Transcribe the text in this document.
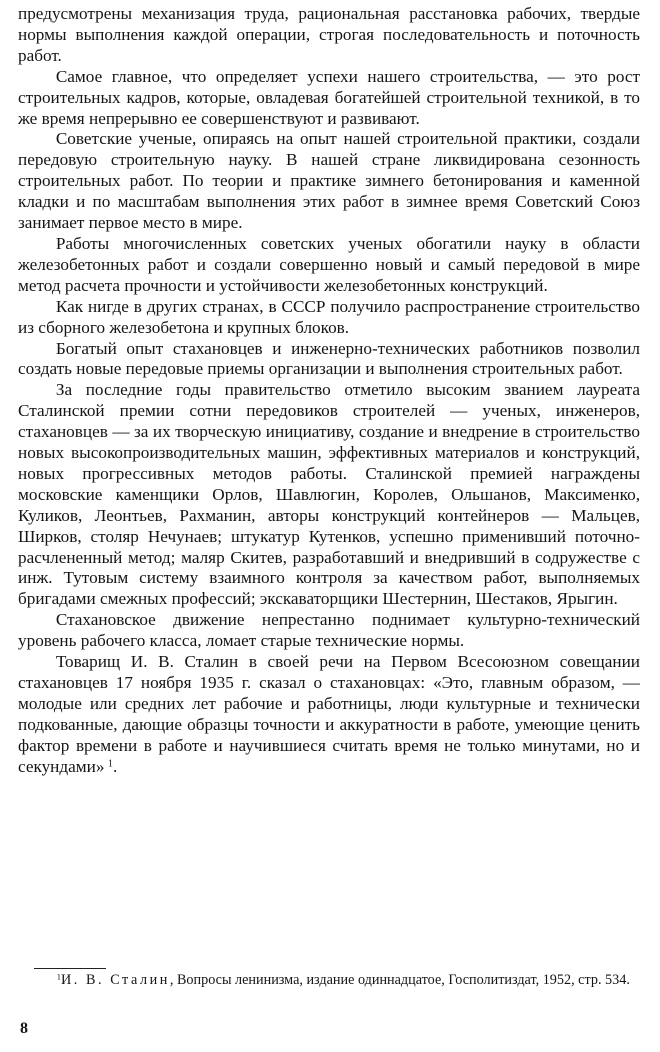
предусмотрены механизация труда, рациональная расстановка рабочих, твердые нормы выполнения каждой операции, строгая последовательность и поточность работ.

Самое главное, что определяет успехи нашего строительства, — это рост строительных кадров, которые, овладевая богатейшей строительной техникой, в то же время непрерывно ее совершенствуют и развивают.

Советские ученые, опираясь на опыт нашей строительной практики, создали передовую строительную науку. В нашей стране ликвидирована сезонность строительных работ. По теории и практике зимнего бетонирования и каменной кладки и по масштабам выполнения этих работ в зимнее время Советский Союз занимает первое место в мире.

Работы многочисленных советских ученых обогатили науку в области железобетонных работ и создали совершенно новый и самый передовой в мире метод расчета прочности и устойчивости железобетонных конструкций.

Как нигде в других странах, в СССР получило распространение строительство из сборного железобетона и крупных блоков.

Богатый опыт стахановцев и инженерно-технических работников позволил создать новые передовые приемы организации и выполнения строительных работ.

За последние годы правительство отметило высоким званием лауреата Сталинской премии сотни передовиков строителей — ученых, инженеров, стахановцев — за их творческую инициативу, создание и внедрение в строительство новых высокопроизводительных машин, эффективных материалов и конструкций, новых прогрессивных методов работы. Сталинской премией награждены московские каменщики Орлов, Шавлюгин, Королев, Ольшанов, Максименко, Куликов, Леонтьев, Рахманин, авторы конструкций контейнеров — Мальцев, Ширков, столяр Нечунаев; штукатур Кутенков, успешно применивший поточно-расчлененный метод; маляр Скитев, разработавший и внедривший в содружестве с инж. Тутовым систему взаимного контроля за качеством работ, выполняемых бригадами смежных профессий; экскаваторщики Шестернин, Шестаков, Ярыгин.

Стахановское движение непрестанно поднимает культурно-технический уровень рабочего класса, ломает старые технические нормы.

Товарищ И. В. Сталин в своей речи на Первом Всесоюзном совещании стахановцев 17 ноября 1935 г. сказал о стахановцах: «Это, главным образом, — молодые или средних лет рабочие и работницы, люди культурные и технически подкованные, дающие образцы точности и аккуратности в работе, умеющие ценить фактор времени в работе и научившиеся считать время не только минутами, но и секундами»  $^1$.

$^1$И. В. Сталин, Вопросы ленинизма, издание одиннадцатое, Госполитиздат, 1952, стр. 534.
8
